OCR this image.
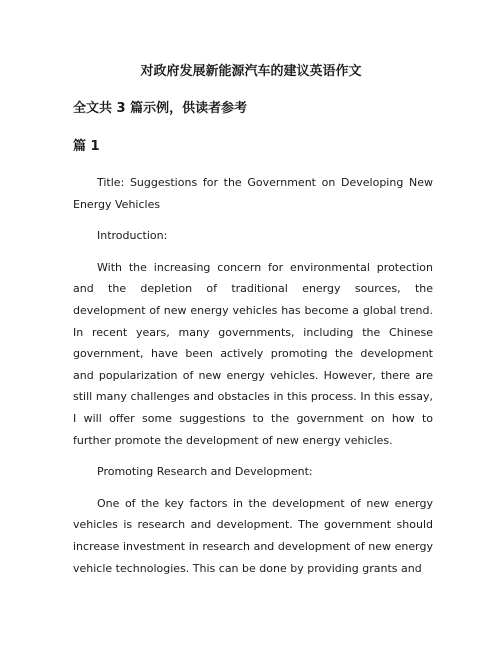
对政府发展新能源汽车的建议英语作文
全文共 3 篇示例，供读者参考
篇 1

Title: Suggestions for the Government on Developing New Energy Vehicles

Introduction:

With the increasing concern for environmental protection and the depletion of traditional energy sources, the development of new energy vehicles has become a global trend. In recent years, many governments, including the Chinese government, have been actively promoting the development and popularization of new energy vehicles. However, there are still many challenges and obstacles in this process. In this essay, I will offer some suggestions to the government on how to further promote the development of new energy vehicles.

Promoting Research and Development:

One of the key factors in the development of new energy vehicles is research and development. The government should increase investment in research and development of new energy vehicle technologies. This can be done by providing grants and
